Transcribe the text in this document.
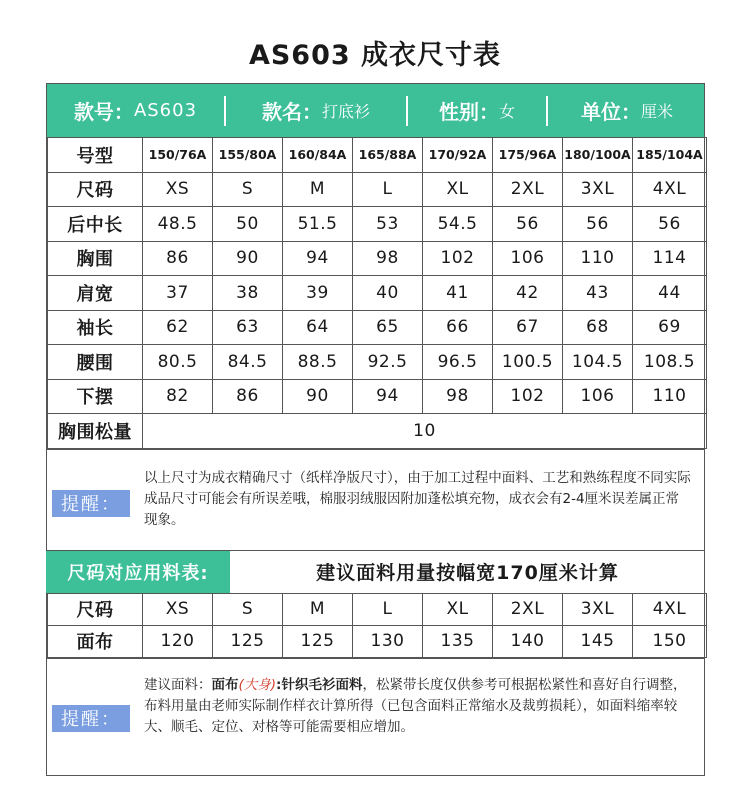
AS603 成衣尺寸表
款号： AS603	款名： 打底衫	性别： 女	单位： 厘米
号型	150/76A	155/80A	160/84A	165/88A	170/92A	175/96A	180/100A	185/104A
尺码	XS	S	M	L	XL	2XL	3XL	4XL
后中长	48.5	50	51.5	53	54.5	56	56	56
胸围	86	90	94	98	102	106	110	114
肩宽	37	38	39	40	41	42	43	44
袖长	62	63	64	65	66	67	68	69
腰围	80.5	84.5	88.5	92.5	96.5	100.5	104.5	108.5
下摆	82	86	90	94	98	102	106	110
胸围松量	10							
提醒：
以上尺寸为成衣精确尺寸（纸样净版尺寸），由于加工过程中面料、工艺和熟练程度不同实际成品尺寸可能会有所误差哦，棉服羽绒服因附加蓬松填充物，成衣会有2-4厘米误差属正常现象。
尺码对应用料表:	建议面料用量按幅宽170厘米计算
尺码	XS	S	M	L	XL	2XL	3XL	4XL
面布	120	125	125	130	135	140	145	150
提醒：
建议面料：面布(大身):针织毛衫面料，松紧带长度仅供参考可根据松紧性和喜好自行调整，布料用量由老师实际制作样衣计算所得（已包含面料正常缩水及裁剪损耗），如面料缩率较大、顺毛、定位、对格等可能需要相应增加。
